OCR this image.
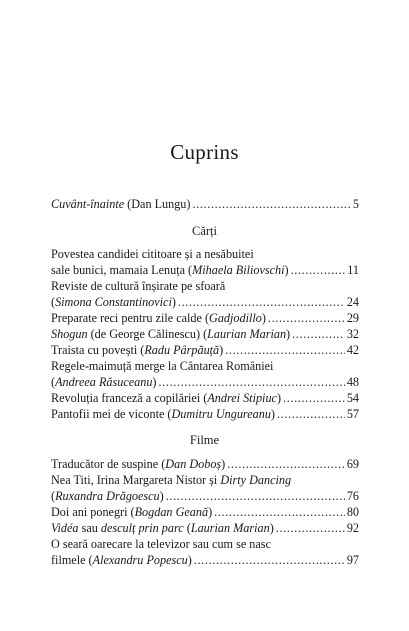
Cuprins
Cuvânt-înainte (Dan Lungu) . . .	5
Cărți
Povestea candidei cititoare și a nesăbuitei
sale bunici, mamaia Lenuța (Mihaela Biliovschi) . . .	11
Reviste de cultură înșirate pe sfoară
(Simona Constantinovici) . . .	24
Preparate reci pentru zile calde (Gadjodillo) . . .	29
Shogun (de George Călinescu) (Laurian Marian) . . .	32
Traista cu povești (Radu Pârpăuță) . . .	42
Regele-maimuță merge la Cântarea României
(Andreea Răsuceanu) . . .	48
Revoluția franceză a copilăriei (Andrei Stipiuc) . . .	54
Pantofii mei de viconte (Dumitru Ungureanu) . . .	57
Filme
Traducător de suspine (Dan Doboș) . . .	69
Nea Titi, Irina Margareta Nistor și Dirty Dancing
(Ruxandra Drăgoescu) . . .	76
Doi ani ponegri (Bogdan Geană) . . .	80
Vidéa sau desculț prin parc (Laurian Marian) . . .	92
O seară oarecare la televizor sau cum se nasc
filmele (Alexandru Popescu) . . .	97
